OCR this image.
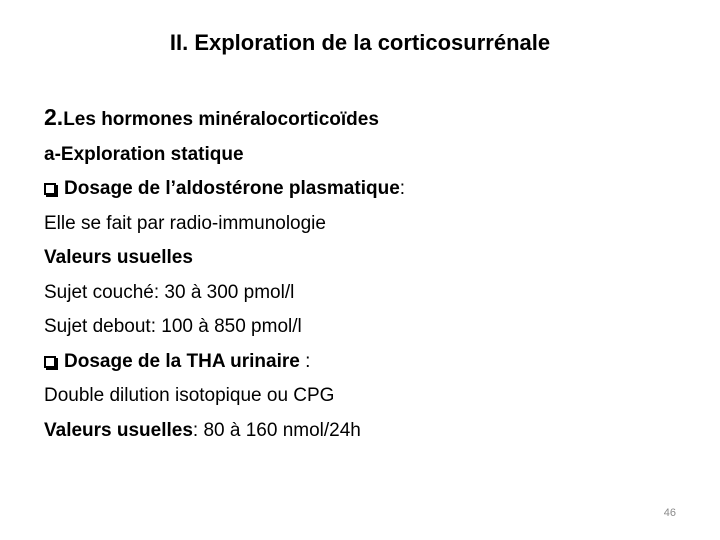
II. Exploration de la corticosurrénale
2.Les hormones minéralocorticoïdes
a-Exploration statique
Dosage de l’aldostérone plasmatique:
Elle se fait par radio-immunologie
Valeurs usuelles
Sujet couché: 30 à 300 pmol/l
Sujet debout: 100 à 850 pmol/l
Dosage de la THA urinaire :
Double dilution isotopique ou CPG
Valeurs usuelles: 80 à 160 nmol/24h
46
